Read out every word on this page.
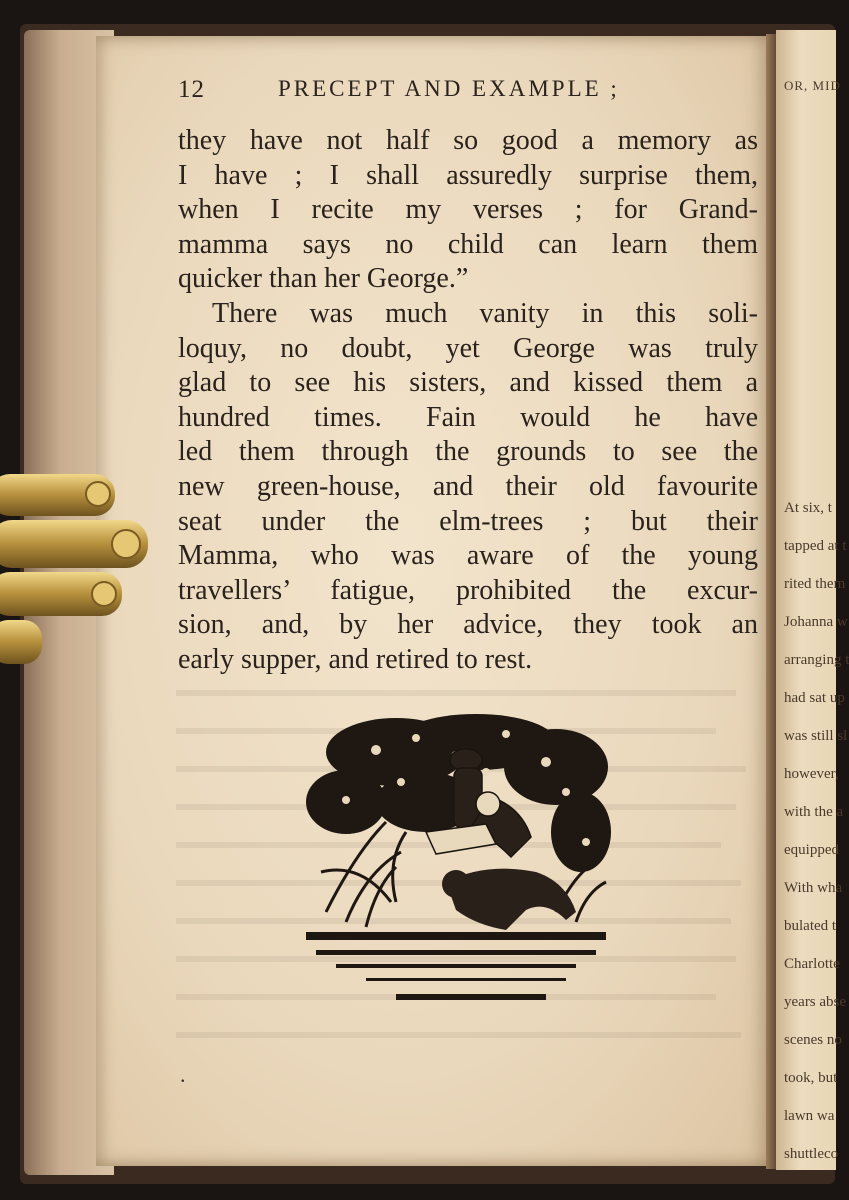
OR, MID
At six, t
tapped at t
rited them
Johanna w
arranging t
had sat up
was still sl
however,
with the a
equipped
With wha
bulated t
Charlotte
years abse
scenes no
took, but
lawn wa
shuttleco
12	PRECEPT AND EXAMPLE ;
they have not half so good a memory as
I have ; I shall assuredly surprise them,
when I recite my verses ; for Grand-
mamma says no child can learn them
quicker than her George.”
There was much vanity in this soli-
loquy, no doubt, yet George was truly
glad to see his sisters, and kissed them a
hundred times. Fain would he have
led them through the grounds to see the
new green-house, and their old favourite
seat under the elm-trees ; but their
Mamma, who was aware of the young
travellers’ fatigue, prohibited the excur-
sion, and, by her advice, they took an
early supper, and retired to rest.
.
